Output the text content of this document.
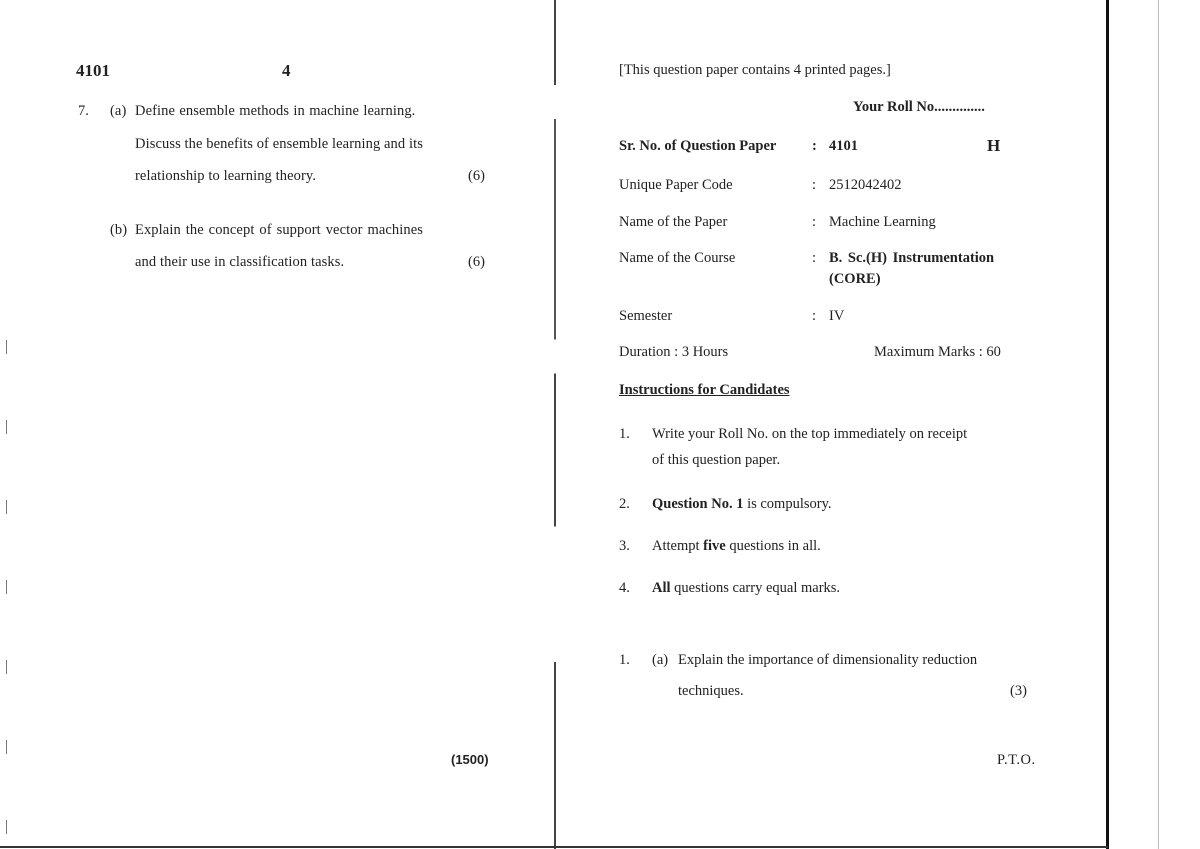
4101	4
7. (a) Define ensemble methods in machine learning.
Discuss the benefits of ensemble learning and its
relationship to learning theory.	(6)
(b) Explain the concept of support vector machines
and their use in classification tasks.	(6)
(1500)
[This question paper contains 4 printed pages.]
Your Roll No..............
Sr. No. of Question Paper : 4101	H
Unique Paper Code	: 2512042402
Name of the Paper	: Machine Learning
Name of the Course	: B. Sc.(H) Instrumentation
(CORE)
Semester	: IV
Duration : 3 Hours	Maximum Marks : 60
Instructions for Candidates
1. Write your Roll No. on the top immediately on receipt
of this question paper.
2. Question No. 1 is compulsory.
3. Attempt five questions in all.
4. All questions carry equal marks.
1. (a) Explain the importance of dimensionality reduction
techniques.	(3)
P.T.O.
